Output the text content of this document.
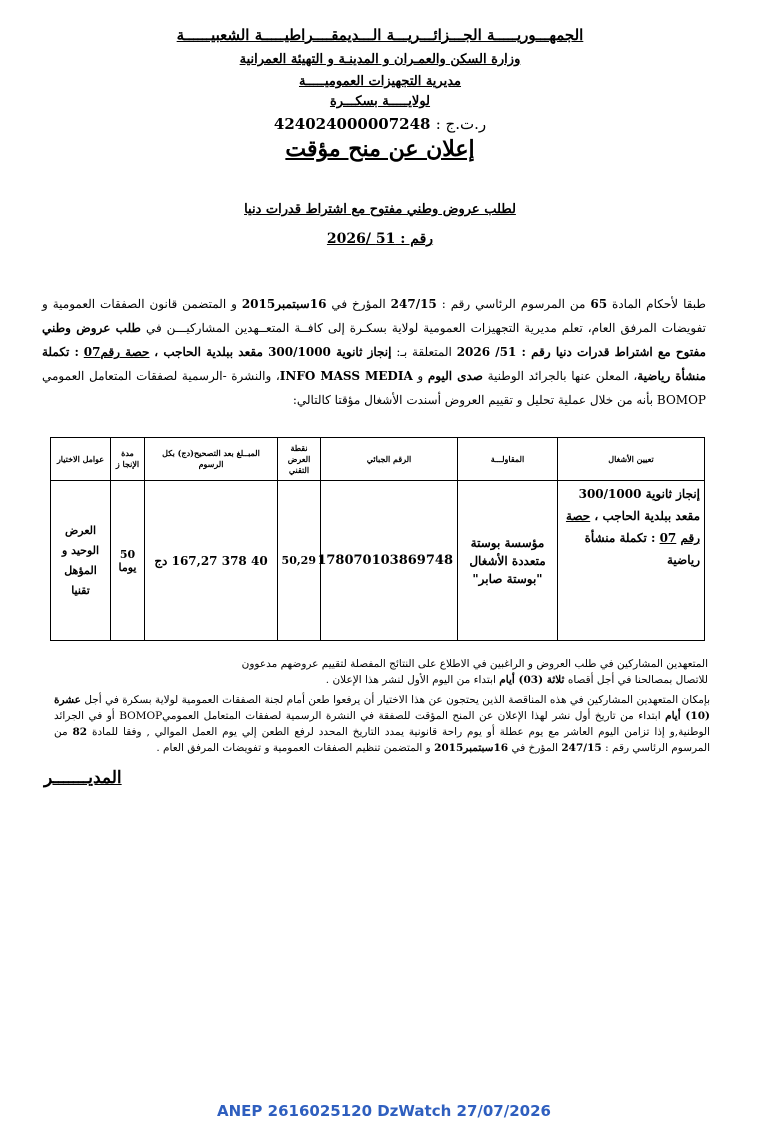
الجمهـــوريـــــة الجـــزائـــريـــة الـــديمقــــراطيـــــة الشعبيــــــة
وزارة السكن والعمـران و المدينـة و التهيئة العمرانية
مديرية التجهيزات العموميـــــة
لولايـــــة بسكـــرة
ر.ت.ج : 424024000007248
إعلان عن منح مؤقت
لطلب عروض وطني مفتوح مع اشتراط قدرات دنيا
رقم : 51 /2026
طبقا لأحكام المادة 65 من المرسوم الرئاسي رقم : 247/15 المؤرخ في 16سبتمبر2015 و المتضمن قانون الصفقات العمومية و تفويضات المرفق العام، تعلم مديرية التجهيزات العمومية لولاية بسكـرة إلى كافــة المتعــهدين المشاركيـــن في طلب عروض وطني مفتوح مع اشتراط قدرات دنيا رقم : 51/ 2026 المتعلقة بـ: إنجاز ثانوية 300/1000 مقعد ببلدية الحاجب ، حصة رقم07 : تكملة منشأة رياضية، المعلن عنها بالجرائد الوطنية صدى اليوم و INFO MASS MEDIA، والنشرة -الرسمية لصفقات المتعامل العمومي BOMOP بأنه من خلال عملية تحليل و تقييم العروض أسندت الأشغال مؤقتا كالتالي:
تعيين الأشغال	المقاولـــة	الرقم الجبائي	نقطة العرض التقني	المبــلغ بعد التصحيح(دج) بكل الرسوم	مدة الإنجا ز	عوامل الاختيار
إنجاز ثانوية 300/1000
مقعد ببلدية الحاجب ، حصة
رقم 07 : تكملة منشأة
رياضية	مؤسسة بوستة متعددة الأشغال "بوستة صابر"	178070103869748	50,29	40 378 167,27 دج	50 يوما	العرض الوحيد و المؤهل تقنيا
المتعهدين المشاركين في طلب العروض و الراغبين في الاطلاع على النتائج المفصلة لتقييم عروضهم مدعوون
للاتصال بمصالحنا في أجل أقصاه ثلاثة (03) أيام ابتداء من اليوم الأول لنشر هذا الإعلان .
بإمكان المتعهدين المشاركين في هذه المناقصة الذين يحتجون عن هذا الاختيار أن يرفعوا طعن أمام لجنة الصفقات العمومية لولاية بسكرة في أجل عشرة (10) أيام ابتداء من تاريخ أول نشر لهذا الإعلان عن المنح المؤقت للصفقة في النشرة الرسمية لصفقات المتعامل العموميBOMOP أو في الجرائد الوطنية,و إذا تزامن اليوم العاشر مع يوم عطلة أو يوم راحة قانونية يمدد التاريخ المحدد لرفع الطعن إلي يوم العمل الموالي , وفقا للمادة 82 من المرسوم الرئاسي رقم : 247/15 المؤرخ في 16سبتمبر2015 و المتضمن تنظيم الصفقات العمومية و تفويضات المرفق العام .
المديـــــــر
ANEP 2616025120 DzWatch 27/07/2026
